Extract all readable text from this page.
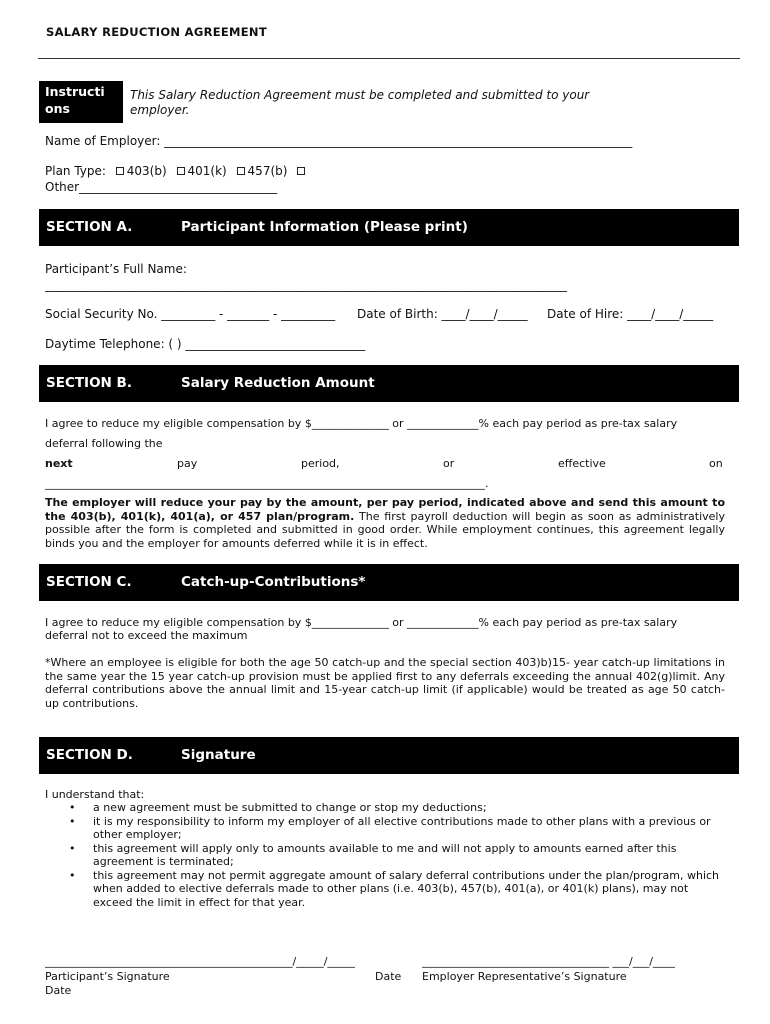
SALARY REDUCTION AGREEMENT
Instructi
ons
This Salary Reduction Agreement must be completed and submitted to your employer.
Name of Employer: ______________________________________________________________________________
Plan Type: 403(b) 401(k) 457(b)
Other_________________________________
SECTION A.	Participant Information (Please print)
Participant’s Full Name:
_______________________________________________________________________________________
Social Security No. _________ - _______ - _________ Date of Birth: ____/____/_____ Date of Hire: ____/____/_____
Daytime Telephone: ( ) ______________________________
SECTION B.	Salary Reduction Amount
I agree to reduce my eligible compensation by $______________ or _____________% each pay period as pre-tax salary
deferral following the
next	pay	period,	or	effective	on
________________________________________________________________________________.
The employer will reduce your pay by the amount, per pay period, indicated above and send this amount to the 403(b), 401(k), 401(a), or 457 plan/program. The first payroll deduction will begin as soon as administratively possible after the form is completed and submitted in good order. While employment continues, this agreement legally binds you and the employer for amounts deferred while it is in effect.
SECTION C.	Catch-up-Contributions*
I agree to reduce my eligible compensation by $______________ or _____________% each pay period as pre-tax salary
deferral not to exceed the maximum
*Where an employee is eligible for both the age 50 catch-up and the special section 403)b)15- year catch-up limitations in the same year the 15 year catch-up provision must be applied first to any deferrals exceeding the annual 402(g)limit. Any deferral contributions above the annual limit and 15-year catch-up limit (if applicable) would be treated as age 50 catch-up contributions.
SECTION D.	Signature
I understand that:
• a new agreement must be submitted to change or stop my deductions;
• it is my responsibility to inform my employer of all elective contributions made to other plans with a previous or other employer;
• this agreement will apply only to amounts available to me and will not apply to amounts earned after this agreement is terminated;
• this agreement may not permit aggregate amount of salary deferral contributions under the plan/program, which when added to elective deferrals made to other plans (i.e. 403(b), 457(b), 401(a), or 401(k) plans), may not exceed the limit in effect for that year.
_____________________________________________/_____/_____	__________________________________ ___/___/____
Participant’s Signature	Date Employer Representative’s Signature
Date
